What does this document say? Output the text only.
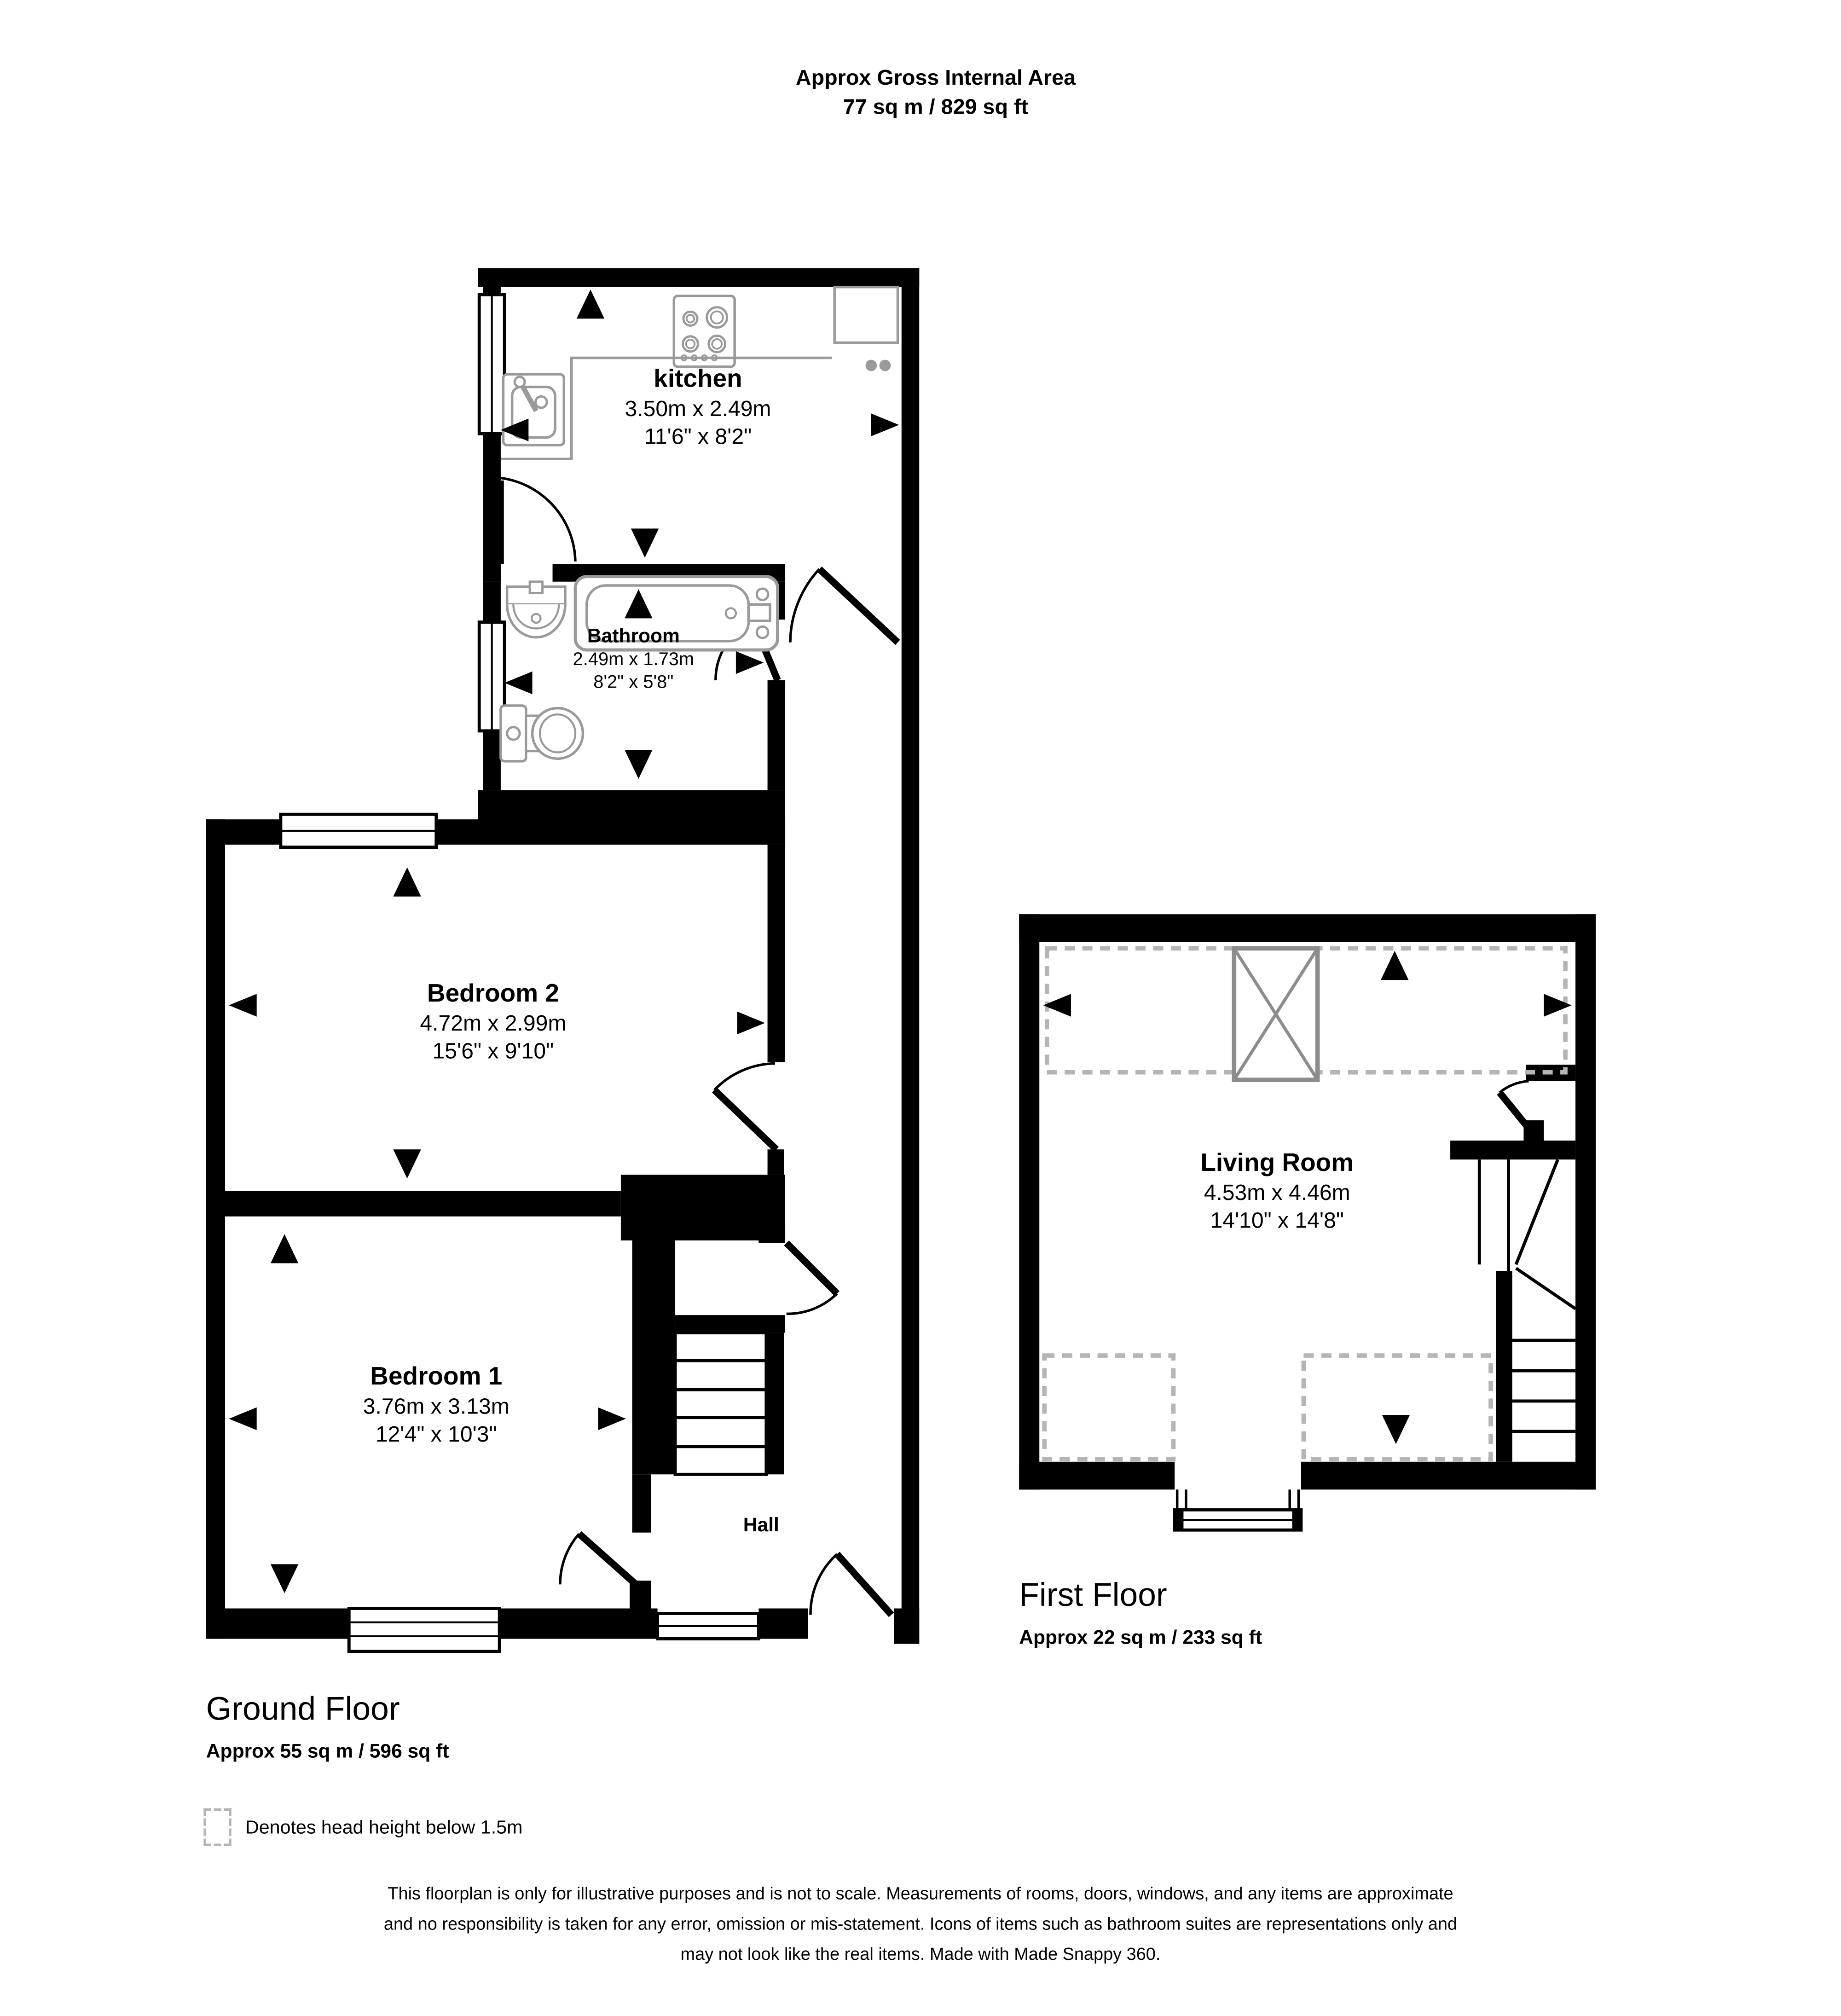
Approx Gross Internal Area
77 sq m / 829 sq ft
kitchen
3.50m x 2.49m
11'6" x 8'2"
Bathroom
2.49m x 1.73m
8'2" x 5'8"
Bedroom 2
4.72m x 2.99m
15'6" x 9'10"
Bedroom 1
3.76m x 3.13m
12'4" x 10'3"
Hall
Living Room
4.53m x 4.46m
14'10" x 14'8"
Ground Floor
Approx 55 sq m / 596 sq ft
First Floor
Approx 22 sq m / 233 sq ft
Denotes head height below 1.5m
This floorplan is only for illustrative purposes and is not to scale. Measurements of rooms, doors, windows, and any items are approximate
and no responsibility is taken for any error, omission or mis-statement. Icons of items such as bathroom suites are representations only and
may not look like the real items. Made with Made Snappy 360.
